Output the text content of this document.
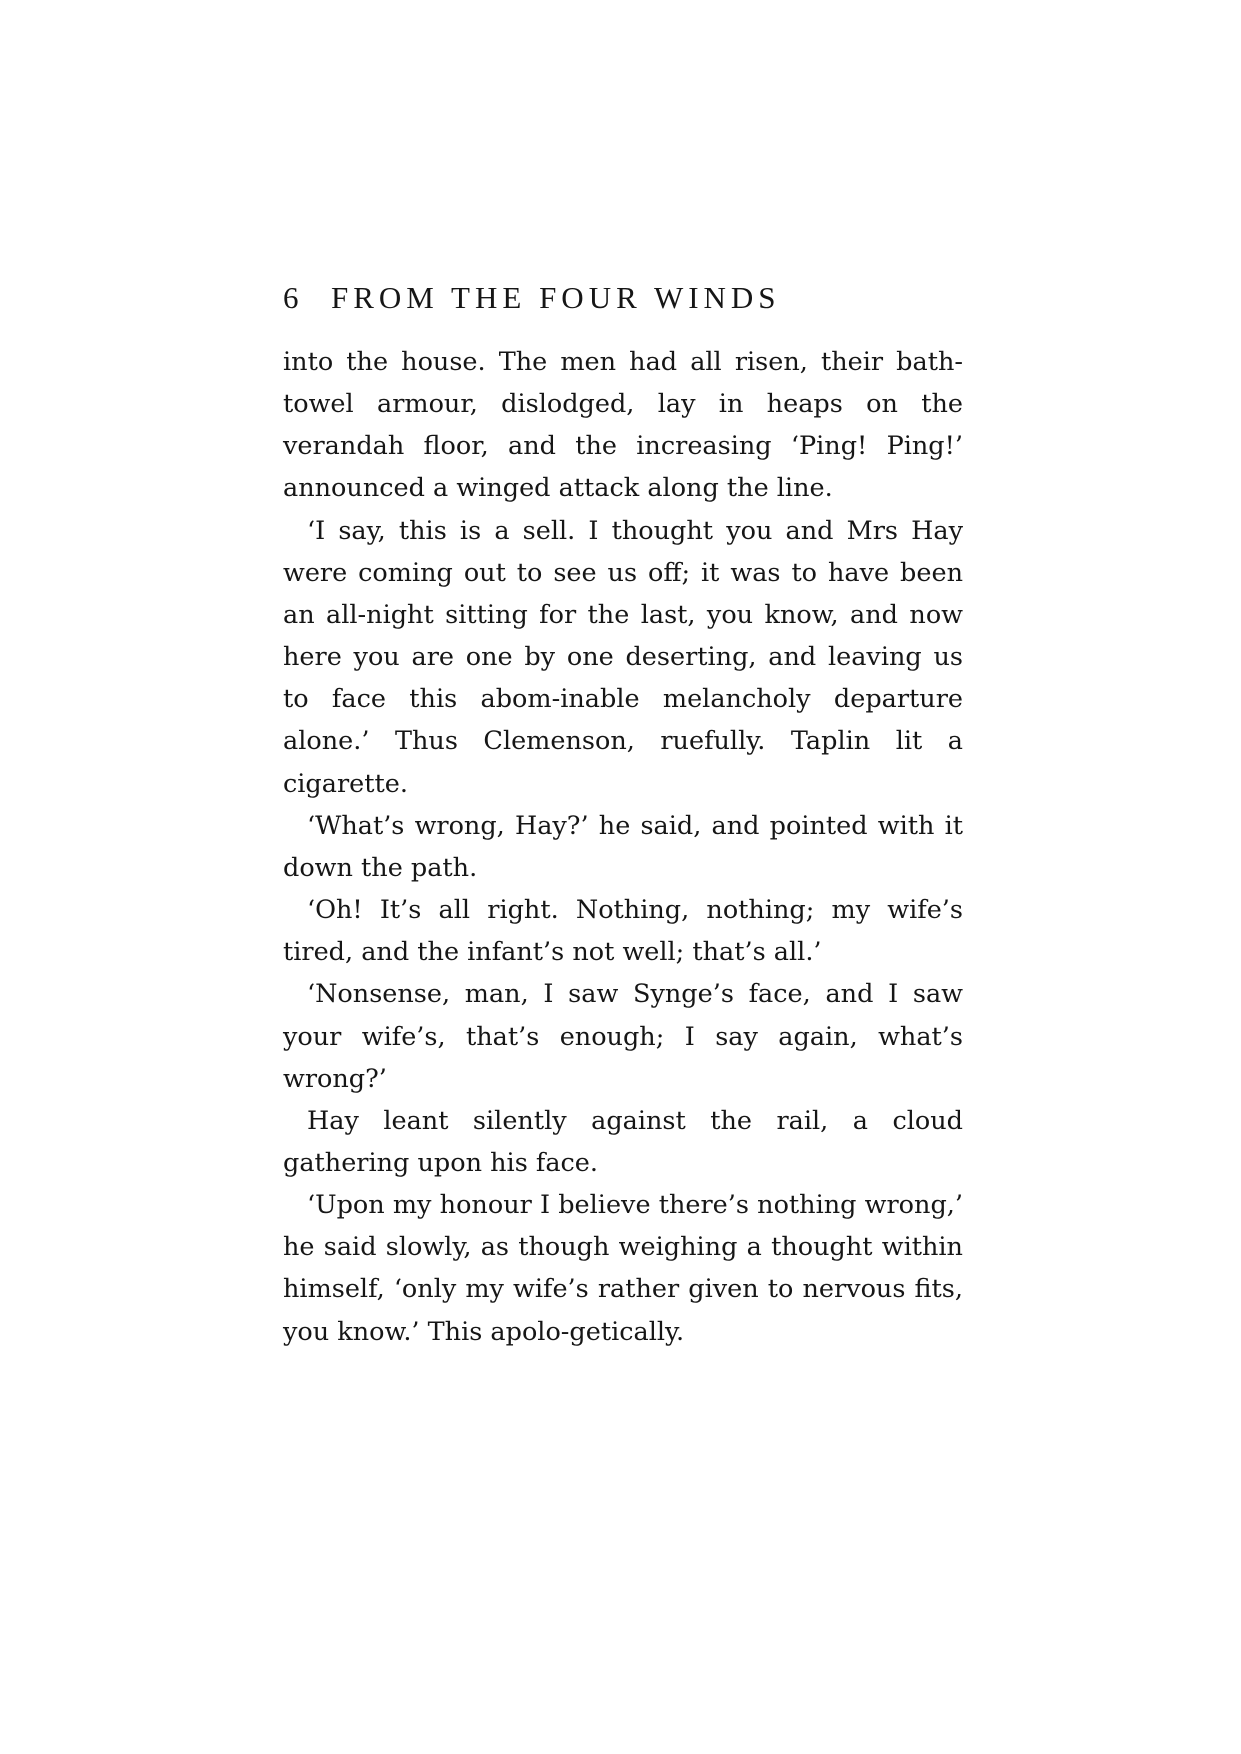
6 FROM THE FOUR WINDS

into the house. The men had all risen, their bath-towel armour, dislodged, lay in heaps on the verandah floor, and the increasing ‘Ping! Ping!’ announced a winged attack along the line.

‘I say, this is a sell. I thought you and Mrs Hay were coming out to see us off; it was to have been an all-night sitting for the last, you know, and now here you are one by one deserting, and leaving us to face this abom-inable melancholy departure alone.’ Thus Clemenson, ruefully. Taplin lit a cigarette.

‘What’s wrong, Hay?’ he said, and pointed with it down the path.

‘Oh! It’s all right. Nothing, nothing; my wife’s tired, and the infant’s not well; that’s all.’

‘Nonsense, man, I saw Synge’s face, and I saw your wife’s, that’s enough; I say again, what’s wrong?’

Hay leant silently against the rail, a cloud gathering upon his face.

‘Upon my honour I believe there’s nothing wrong,’ he said slowly, as though weighing a thought within himself, ‘only my wife’s rather given to nervous fits, you know.’ This apolo-getically.
